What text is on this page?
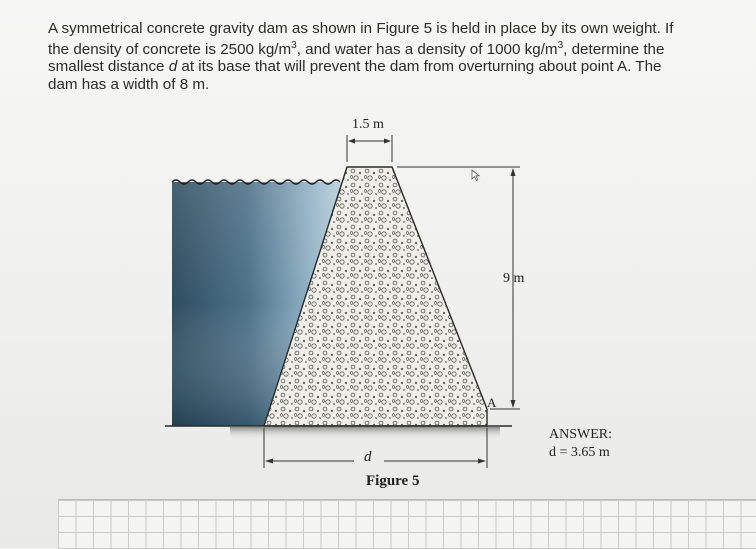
A symmetrical concrete gravity dam as shown in Figure 5 is held in place by its own weight. If

the density of concrete is 2500 $kg/m^3$, and water has a density of 1000 $kg/m^3$, determine the

smallest distance d at its base that will prevent the dam from overturning about point A. The

dam has a width of 8 m.

1.5 m
9 m
d
A
Figure 5
ANSWER:
d = 3.65 m
